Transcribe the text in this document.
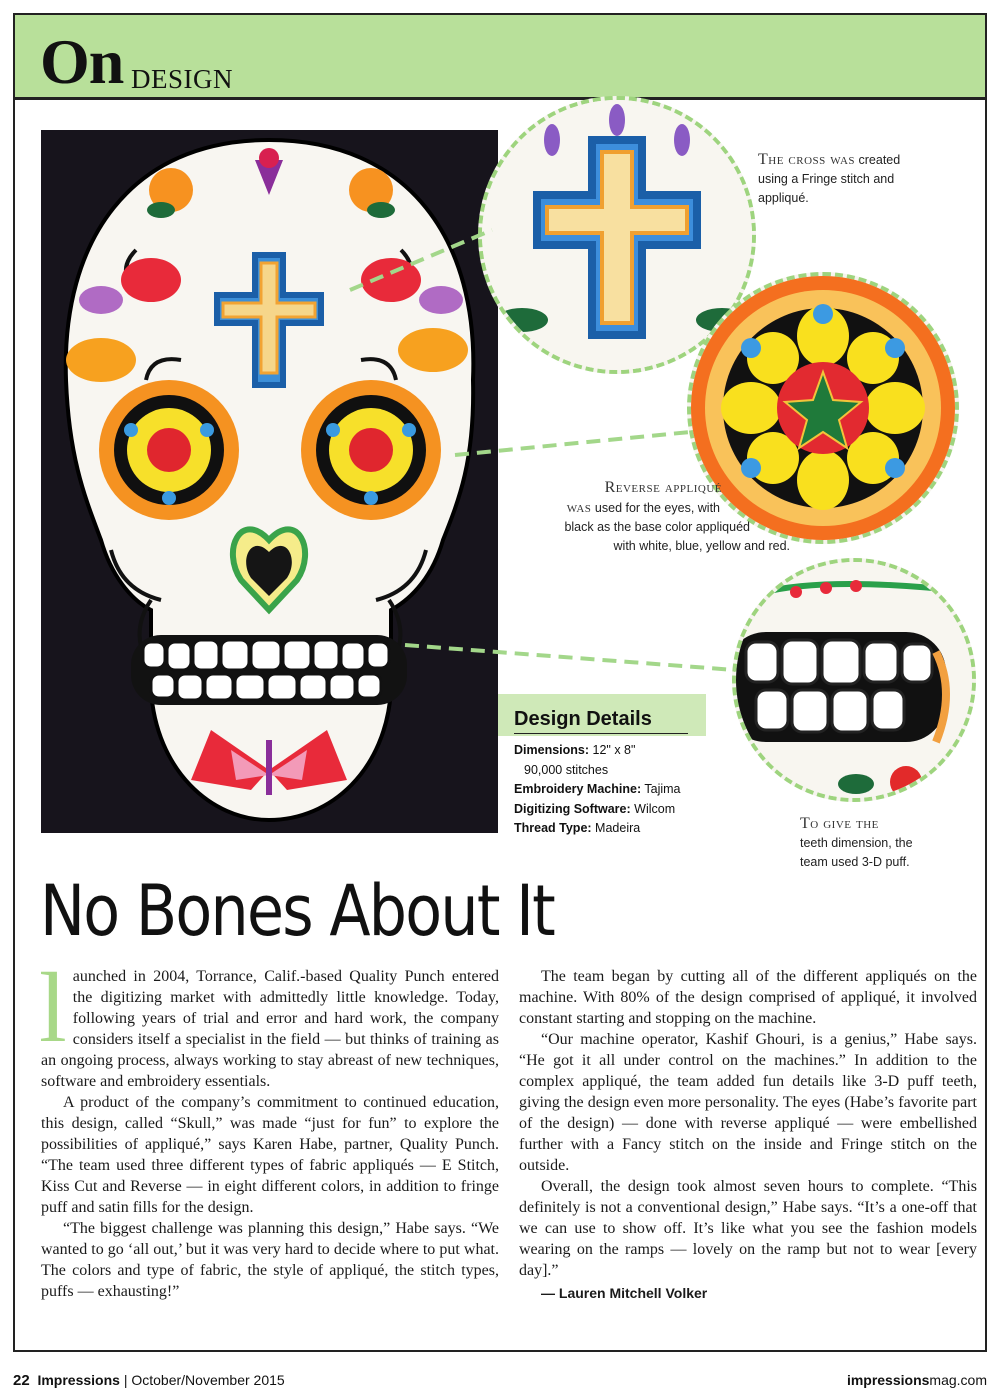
On DESIGN
The cross was created
using a Fringe stitch and
appliqué.
Reverse appliqué
was used for the eyes, with
black as the base color appliquéd
with white, blue, yellow and red.
To give the
teeth dimension, the
team used 3-D puff.
Design Details
Dimensions: 12" x 8"
90,000 stitches
Embroidery Machine: Tajima
Digitizing Software: Wilcom
Thread Type: Madeira
No Bones About It

launched in 2004, Torrance, Calif.-based Quality Punch entered the digitizing market with admittedly little knowledge. Today, following years of trial and error and hard work, the company considers itself a specialist in the field — but thinks of training as an ongoing process, always working to stay abreast of new techniques, software and embroidery essentials.

A product of the company’s commitment to continued education, this design, called “Skull,” was made “just for fun” to explore the possibilities of appliqué,” says Karen Habe, partner, Quality Punch. “The team used three different types of fabric appliqués — E Stitch, Kiss Cut and Reverse — in eight different colors, in addition to fringe puff and satin fills for the design.

“The biggest challenge was planning this design,” Habe says. “We wanted to go ‘all out,’ but it was very hard to decide where to put what. The colors and type of fabric, the style of appliqué, the stitch types, puffs — exhausting!”

The team began by cutting all of the different appliqués on the machine. With 80% of the design comprised of appliqué, it involved constant starting and stopping on the machine.

“Our machine operator, Kashif Ghouri, is a genius,” Habe says. “He got it all under control on the machines.” In addition to the complex appliqué, the team added fun details like 3-D puff teeth, giving the design even more personality. The eyes (Habe’s favorite part of the design) — done with reverse appliqué — were embellished further with a Fancy stitch on the inside and Fringe stitch on the outside.

Overall, the design took almost seven hours to complete. “This definitely is not a conventional design,” Habe says. “It’s a one-off that we can use to show off. It’s like what you see the fashion models wearing on the ramps — lovely on the ramp but not to wear [every day].”

— Lauren Mitchell Volker
22 Impressions | October/November 2015	impressionsmag.com
